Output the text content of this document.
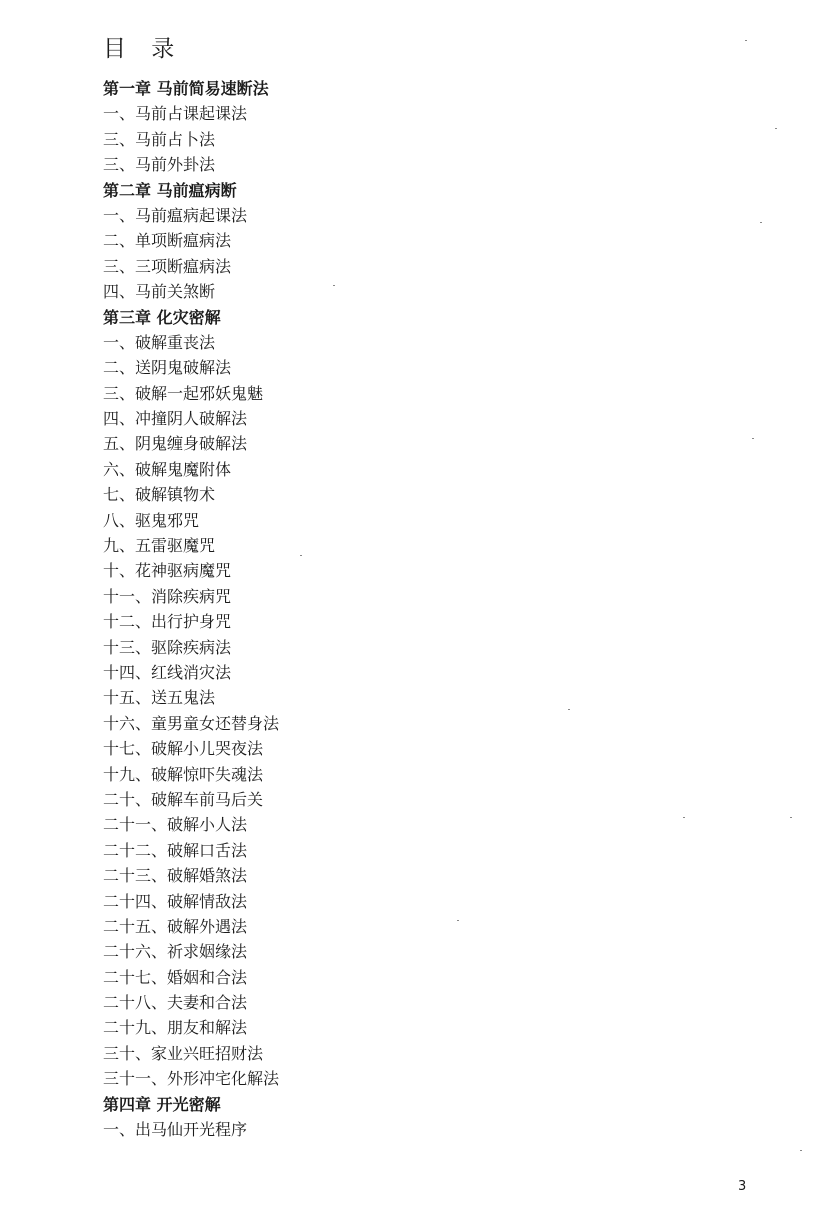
目 录
第一章 马前简易速断法
一、马前占课起课法
三、马前占卜法
三、马前外卦法
第二章 马前瘟病断
一、马前瘟病起课法
二、单项断瘟病法
三、三项断瘟病法
四、马前关煞断
第三章 化灾密解
一、破解重丧法
二、送阴鬼破解法
三、破解一起邪妖鬼魅
四、冲撞阴人破解法
五、阴鬼缠身破解法
六、破解鬼魔附体
七、破解镇物术
八、驱鬼邪咒
九、五雷驱魔咒
十、花神驱病魔咒
十一、消除疾病咒
十二、出行护身咒
十三、驱除疾病法
十四、红线消灾法
十五、送五鬼法
十六、童男童女还替身法
十七、破解小儿哭夜法
十九、破解惊吓失魂法
二十、破解车前马后关
二十一、破解小人法
二十二、破解口舌法
二十三、破解婚煞法
二十四、破解情敌法
二十五、破解外遇法
二十六、祈求姻缘法
二十七、婚姻和合法
二十八、夫妻和合法
二十九、朋友和解法
三十、家业兴旺招财法
三十一、外形冲宅化解法
第四章 开光密解
一、出马仙开光程序
3
